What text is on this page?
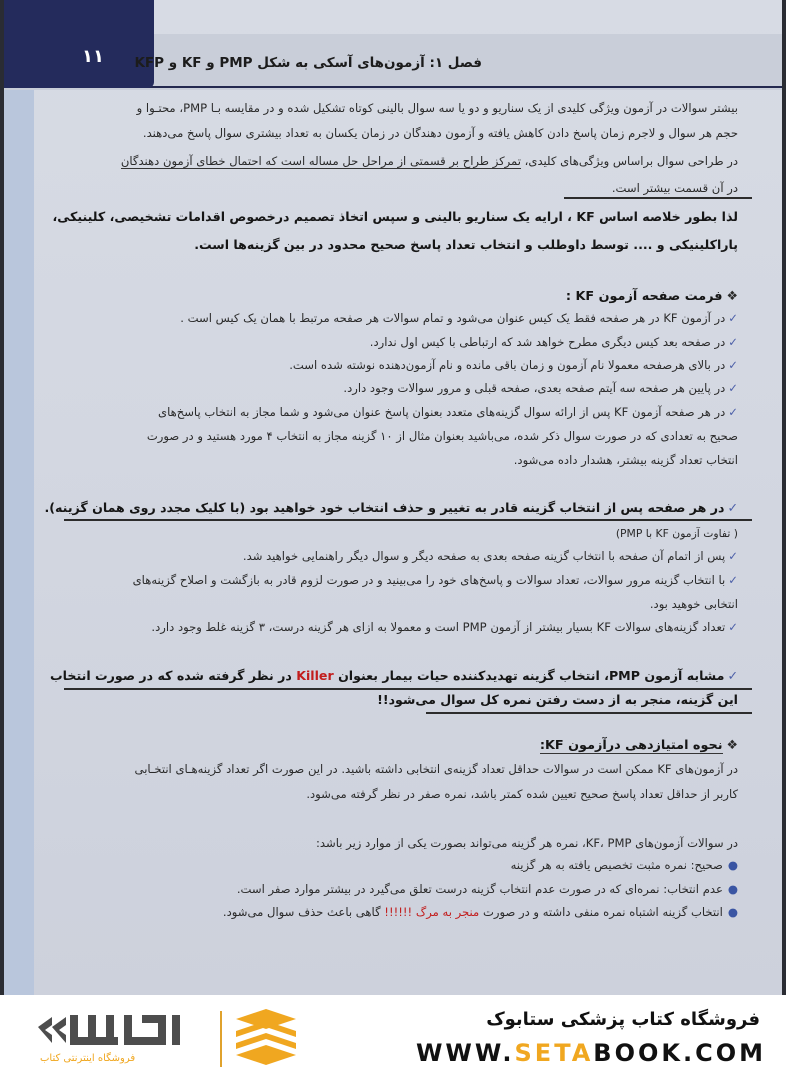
١١ فصل ۱: آزمون‌های آسکی به شکل PMP و KF و KFP
بیشتر سوالات در آزمون ویژگی کلیدی از یک سناریو و دو یا سه سوال بالینی کوتاه تشکیل شده و در مقایسه بـا PMP، محتـوا و
حجم هر سوال و لاجرم زمان پاسخ دادن کاهش یافته و آزمون دهندگان در زمان یکسان به تعداد بیشتری سوال پاسخ می‌دهند.
در طراحی سوال براساس ویژگی‌های کلیدی، تمرکز طراح بر قسمتی از مراحل حل مساله است که احتمال خطای آزمون دهندگان
در آن قسمت بیشتر است.
لذا بطور خلاصه اساس KF ، ارایه یک سناریو بالینی و سپس اتخاذ تصمیم درخصوص اقدامات تشخیصی، کلینیکی،
پاراکلینیکی و .... توسط داوطلب و انتخاب تعداد پاسخ صحیح محدود در بین گزینه‌ها است.
❖فرمت صفحه آزمون KF :
✓در آزمون KF در هر صفحه فقط یک کیس عنوان می‌شود و تمام سوالات هر صفحه مرتبط با همان یک کیس است .
✓در صفحه بعد کیس دیگری مطرح خواهد شد که ارتباطی با کیس اول ندارد.
✓در بالای هرصفحه معمولا نام آزمون و زمان باقی مانده و نام آزمون‌دهنده نوشته شده است.
✓در پایین هر صفحه سه آیتم صفحه بعدی، صفحه قبلی و مرور سوالات وجود دارد.
✓در هر صفحه آزمون KF پس از ارائه سوال گزینه‌های متعدد بعنوان پاسخ عنوان می‌شود و شما مجاز به انتخاب پاسخ‌های
صحیح به تعدادی که در صورت سوال ذکر شده، می‌باشید بعنوان مثال از ۱۰ گزینه مجاز به انتخاب ۴ مورد هستید و در صورت
انتخاب تعداد گزینه بیشتر، هشدار داده می‌شود.
✓در هر صفحه پس از انتخاب گزینه قادر به تغییر و حذف انتخاب خود خواهید بود (با کلیک مجدد روی همان گزینه).
( تفاوت آزمون KF با PMP)
✓پس از اتمام آن صفحه با انتخاب گزینه صفحه بعدی به صفحه دیگر و سوال دیگر راهنمایی خواهید شد.
✓با انتخاب گزینه مرور سوالات، تعداد سوالات و پاسخ‌های خود را می‌بینید و در صورت لزوم قادر به بازگشت و اصلاح گزینه‌های
انتخابی خوهید بود.
✓تعداد گزینه‌های سوالات KF بسیار بیشتر از آزمون PMP است و معمولا به ازای هر گزینه درست، ۳ گزینه غلط وجود دارد.
✓مشابه آزمون PMP، انتخاب گزینه تهدیدکننده حیات بیمار بعنوان Killer در نظر گرفته شده که در صورت انتخاب
این گزینه، منجر به از دست رفتن نمره کل سوال می‌شود!!
❖نحوه امتیازدهی درآزمون KF:
در آزمون‌های KF ممکن است در سوالات حداقل تعداد گزینه‌ی انتخابی داشته باشید. در این صورت اگر تعداد گزینه‌هـای انتخـابی
کاربر از حداقل تعداد پاسخ صحیح تعیین شده کمتر باشد، نمره صفر در نظر گرفته می‌شود.
در سوالات آزمون‌های KF، PMP، نمره هر گزینه می‌تواند بصورت یکی از موارد زیر باشد:
●صحیح: نمره مثبت تخصیص یافته به هر گزینه
●عدم انتخاب: نمره‌ای که در صورت عدم انتخاب گزینه درست تعلق می‌گیرد در بیشتر موارد صفر است.
●انتخاب گزینه اشتباه نمره منفی داشته و در صورت منجر به مرگ !!!!!! گاهی باعث حذف سوال می‌شود.
فروشگاه اینترنتی کتاب
فروشگاه کتاب پزشکی ستابوک
WWW.SETABOOK.COM
